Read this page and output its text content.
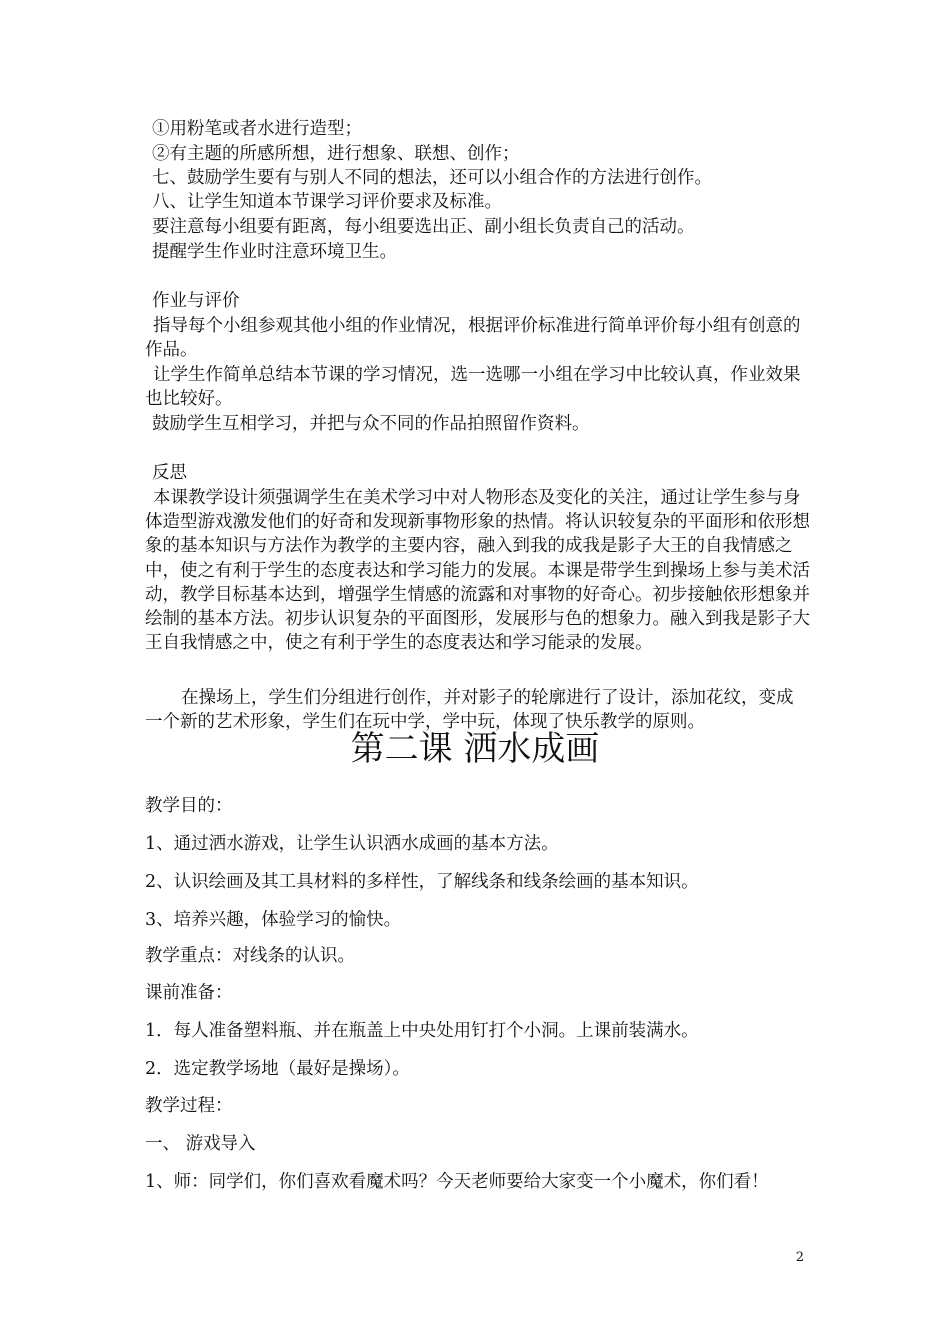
①用粉笔或者水进行造型；
②有主题的所感所想，进行想象、联想、创作；
七、鼓励学生要有与别人不同的想法，还可以小组合作的方法进行创作。
八、让学生知道本节课学习评价要求及标准。
要注意每小组要有距离，每小组要选出正、副小组长负责自己的活动。
提醒学生作业时注意环境卫生。
作业与评价
指导每个小组参观其他小组的作业情况，根据评价标准进行简单评价每小组有创意的作品。
让学生作简单总结本节课的学习情况，选一选哪一小组在学习中比较认真，作业效果也比较好。
鼓励学生互相学习，并把与众不同的作品拍照留作资料。
反思
本课教学设计须强调学生在美术学习中对人物形态及变化的关注，通过让学生参与身体造型游戏激发他们的好奇和发现新事物形象的热情。将认识较复杂的平面形和依形想象的基本知识与方法作为教学的主要内容，融入到我的成我是影子大王的自我情感之中，使之有利于学生的态度表达和学习能力的发展。本课是带学生到操场上参与美术活动，教学目标基本达到，增强学生情感的流露和对事物的好奇心。初步接触依形想象并绘制的基本方法。初步认识复杂的平面图形，发展形与色的想象力。融入到我是影子大王自我情感之中，使之有利于学生的态度表达和学习能录的发展。
在操场上，学生们分组进行创作，并对影子的轮廓进行了设计，添加花纹，变成一个新的艺术形象，学生们在玩中学，学中玩，体现了快乐教学的原则。
第二课 洒水成画
教学目的：
1、通过洒水游戏，让学生认识洒水成画的基本方法。
2、认识绘画及其工具材料的多样性，了解线条和线条绘画的基本知识。
3、培养兴趣，体验学习的愉快。
教学重点：对线条的认识。
课前准备：
1．每人准备塑料瓶、并在瓶盖上中央处用钉打个小洞。上课前装满水。
2．选定教学场地（最好是操场）。
教学过程：
一、 游戏导入
1、师：同学们，你们喜欢看魔术吗？今天老师要给大家变一个小魔术，你们看！
2
